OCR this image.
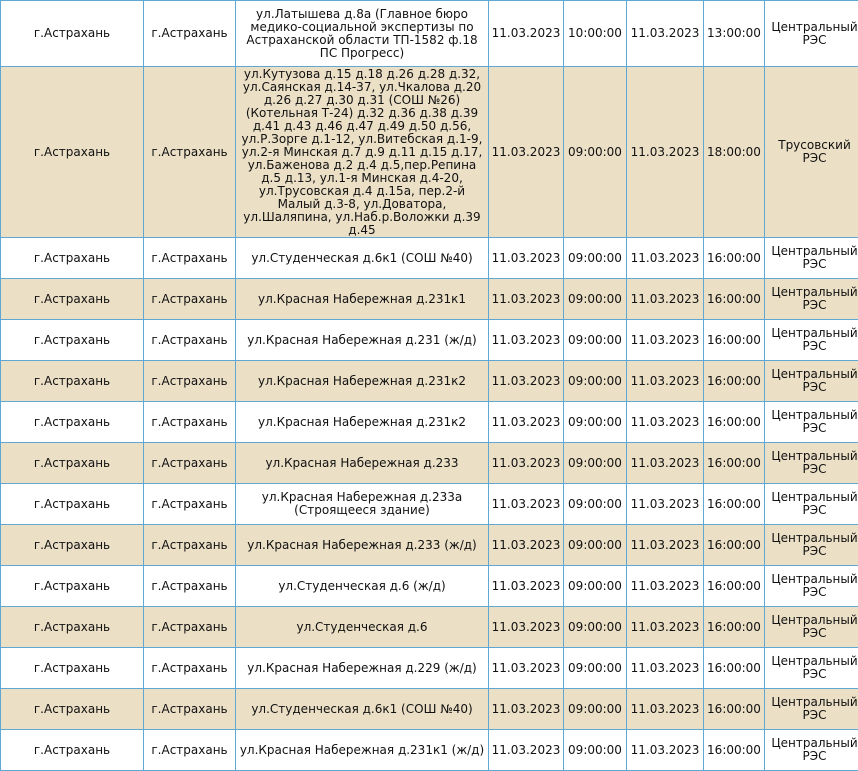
г.Астрахань	г.Астрахань	ул.Латышева д.8а (Главное бюро медико-социальной экспертизы по Астраханской области ТП-1582 ф.18 ПС Прогресс)	11.03.2023	10:00:00	11.03.2023	13:00:00	Центральный РЭС
г.Астрахань	г.Астрахань	ул.Кутузова д.15 д.18 д.26 д.28 д.32, ул.Саянская д.14-37, ул.Чкалова д.20 д.26 д.27 д.30 д.31 (СОШ №26) (Котельная Т-24) д.32 д.36 д.38 д.39 д.41 д.43 д.46 д.47 д.49 д.50 д.56, ул.Р.Зорге д.1-12, ул.Витебская д.1-9, ул.2-я Минская д.7 д.9 д.11 д.15 д.17, ул.Баженова д.2 д.4 д.5,пер.Репина д.5 д.13, ул.1-я Минская д.4-20, ул.Трусовская д.4 д.15а, пер.2-й Малый д.3-8, ул.Доватора, ул.Шаляпина, ул.Наб.р.Воложки д.39 д.45	11.03.2023	09:00:00	11.03.2023	18:00:00	Трусовский РЭС
г.Астрахань	г.Астрахань	ул.Студенческая д.6к1 (СОШ №40)	11.03.2023	09:00:00	11.03.2023	16:00:00	Центральный РЭС
г.Астрахань	г.Астрахань	ул.Красная Набережная д.231к1	11.03.2023	09:00:00	11.03.2023	16:00:00	Центральный РЭС
г.Астрахань	г.Астрахань	ул.Красная Набережная д.231 (ж/д)	11.03.2023	09:00:00	11.03.2023	16:00:00	Центральный РЭС
г.Астрахань	г.Астрахань	ул.Красная Набережная д.231к2	11.03.2023	09:00:00	11.03.2023	16:00:00	Центральный РЭС
г.Астрахань	г.Астрахань	ул.Красная Набережная д.231к2	11.03.2023	09:00:00	11.03.2023	16:00:00	Центральный РЭС
г.Астрахань	г.Астрахань	ул.Красная Набережная д.233	11.03.2023	09:00:00	11.03.2023	16:00:00	Центральный РЭС
г.Астрахань	г.Астрахань	ул.Красная Набережная д.233а (Строящееся здание)	11.03.2023	09:00:00	11.03.2023	16:00:00	Центральный РЭС
г.Астрахань	г.Астрахань	ул.Красная Набережная д.233 (ж/д)	11.03.2023	09:00:00	11.03.2023	16:00:00	Центральный РЭС
г.Астрахань	г.Астрахань	ул.Студенческая д.6 (ж/д)	11.03.2023	09:00:00	11.03.2023	16:00:00	Центральный РЭС
г.Астрахань	г.Астрахань	ул.Студенческая д.6	11.03.2023	09:00:00	11.03.2023	16:00:00	Центральный РЭС
г.Астрахань	г.Астрахань	ул.Красная Набережная д.229 (ж/д)	11.03.2023	09:00:00	11.03.2023	16:00:00	Центральный РЭС
г.Астрахань	г.Астрахань	ул.Студенческая д.6к1 (СОШ №40)	11.03.2023	09:00:00	11.03.2023	16:00:00	Центральный РЭС
г.Астрахань	г.Астрахань	ул.Красная Набережная д.231к1 (ж/д)	11.03.2023	09:00:00	11.03.2023	16:00:00	Центральный РЭС
